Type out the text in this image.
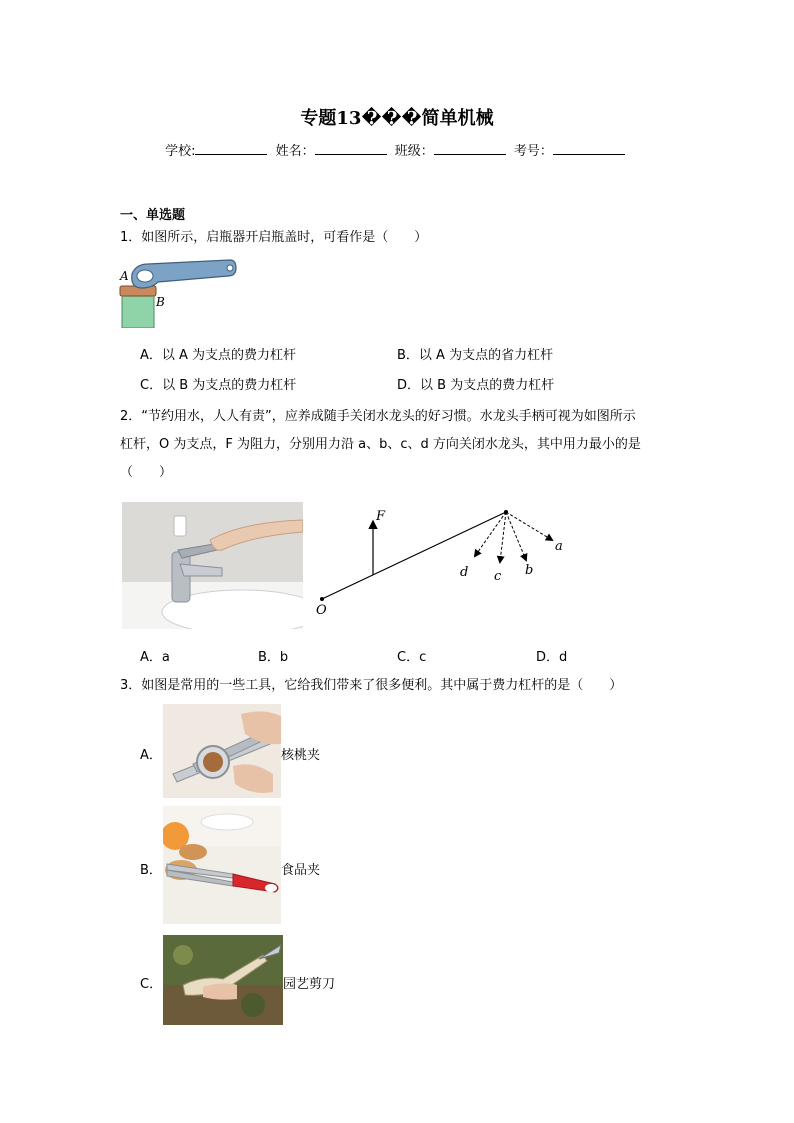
专题13���简单机械
学校:	姓名：	班级：	考号：
一、单选题
1．如图所示，启瓶器开启瓶盖时，可看作是（　　）
A
B
A．以 A 为支点的费力杠杆	B．以 A 为支点的省力杠杆
C．以 B 为支点的费力杠杆	D．以 B 为支点的费力杠杆
2．“节约用水，人人有责”，应养成随手关闭水龙头的好习惯。水龙头手柄可视为如图所示
杠杆，O 为支点，F 为阻力，分别用力沿 a、b、c、d 方向关闭水龙头，其中用力最小的是
（　　）
F
O
a
b
c
d
A．a	B．b	C．c	D．d
3．如图是常用的一些工具，它给我们带来了很多便利。其中属于费力杠杆的是（　　）
A．	核桃夹
B．	食品夹
C．	园艺剪刀
